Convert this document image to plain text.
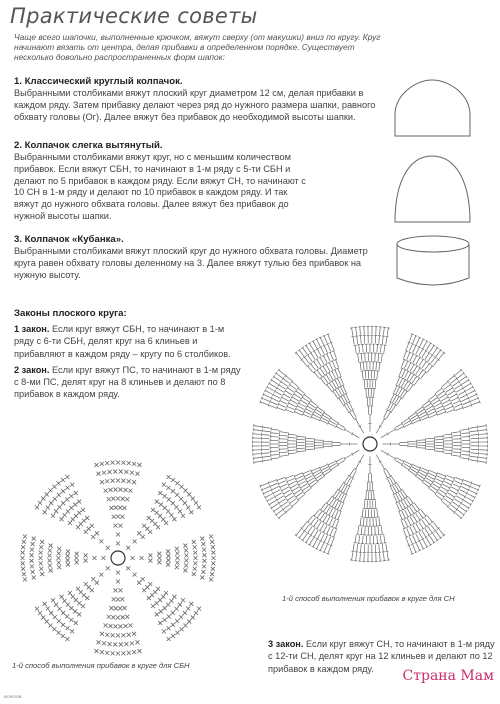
Практические советы
Чаще всего шапочки, выполненные крючком, вяжут сверху (от макушки) вниз по кругу. Круг начинают вязать от центра, делая прибавки в определенном порядке. Существует несколько довольно распространенных форм шапок:
1. Классический круглый колпачок.
Выбранными столбиками вяжут плоский круг диаметром 12 см, делая прибавки в каждом ряду. Затем прибавку делают через ряд до нужного размера шапки, равного обхвату головы (Ог). Далее вяжут без прибавок до необходимой высоты шапки.
2. Колпачок слегка вытянутый.
Выбранными столбиками вяжут круг, но с меньшим количеством прибавок. Если вяжут СБН, то начинают в 1-м ряду с 5-ти СБН и делают по 5 прибавок в каждом ряду. Если вяжут СН, то начинают с 10 СН в 1-м ряду и делают по 10 прибавок в каждом ряду. И так вяжут до нужного обхвата головы. Далее вяжут без прибавок до нужной высоты шапки.
3. Колпачок «Кубанка».
Выбранными столбиками вяжут плоский круг до нужного обхвата головы. Диаметр круга равен обхвату головы деленному на 3. Далее вяжут тулью без прибавок на нужную высоту.
Законы плоского круга:

1 закон. Если круг вяжут СБН, то начинают в 1-м ряду с 6-ти СБН, делят круг на 6 клиньев и прибавляют в каждом ряду – кругу по 6 столбиков.

2 закон. Если круг вяжут ПС, то начинают в 1-м ряду с 8-ми ПС, делят круг на 8 клиньев и делают по 8 прибавок в каждом ряду.

1-й способ выполнения прибавок в круге для СН
1-й способ выполнения прибавок в круге для СБН
3 закон. Если круг вяжут СН, то начинают в 1-м ряду с 12-ти СН, делят круг на 12 клиньев и делают по 12 прибавок в каждом ряду.
BOROOB
Страна Мам
